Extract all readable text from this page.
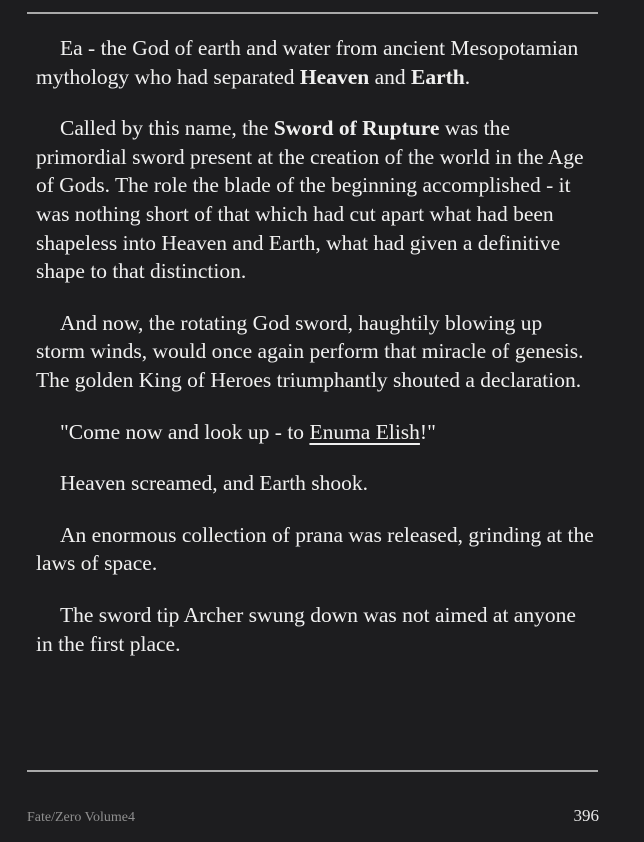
Ea - the God of earth and water from ancient Mesopotamian mythology who had separated Heaven and Earth.

Called by this name, the Sword of Rupture was the primordial sword present at the creation of the world in the Age of Gods. The role the blade of the beginning accomplished - it was nothing short of that which had cut apart what had been shapeless into Heaven and Earth, what had given a definitive shape to that distinction.

And now, the rotating God sword, haughtily blowing up storm winds, would once again perform that miracle of genesis. The golden King of Heroes triumphantly shouted a declaration.

"Come now and look up - to Enuma Elish!"

Heaven screamed, and Earth shook.

An enormous collection of prana was released, grinding at the laws of space.

The sword tip Archer swung down was not aimed at anyone in the first place.

Fate/Zero Volume4	396
